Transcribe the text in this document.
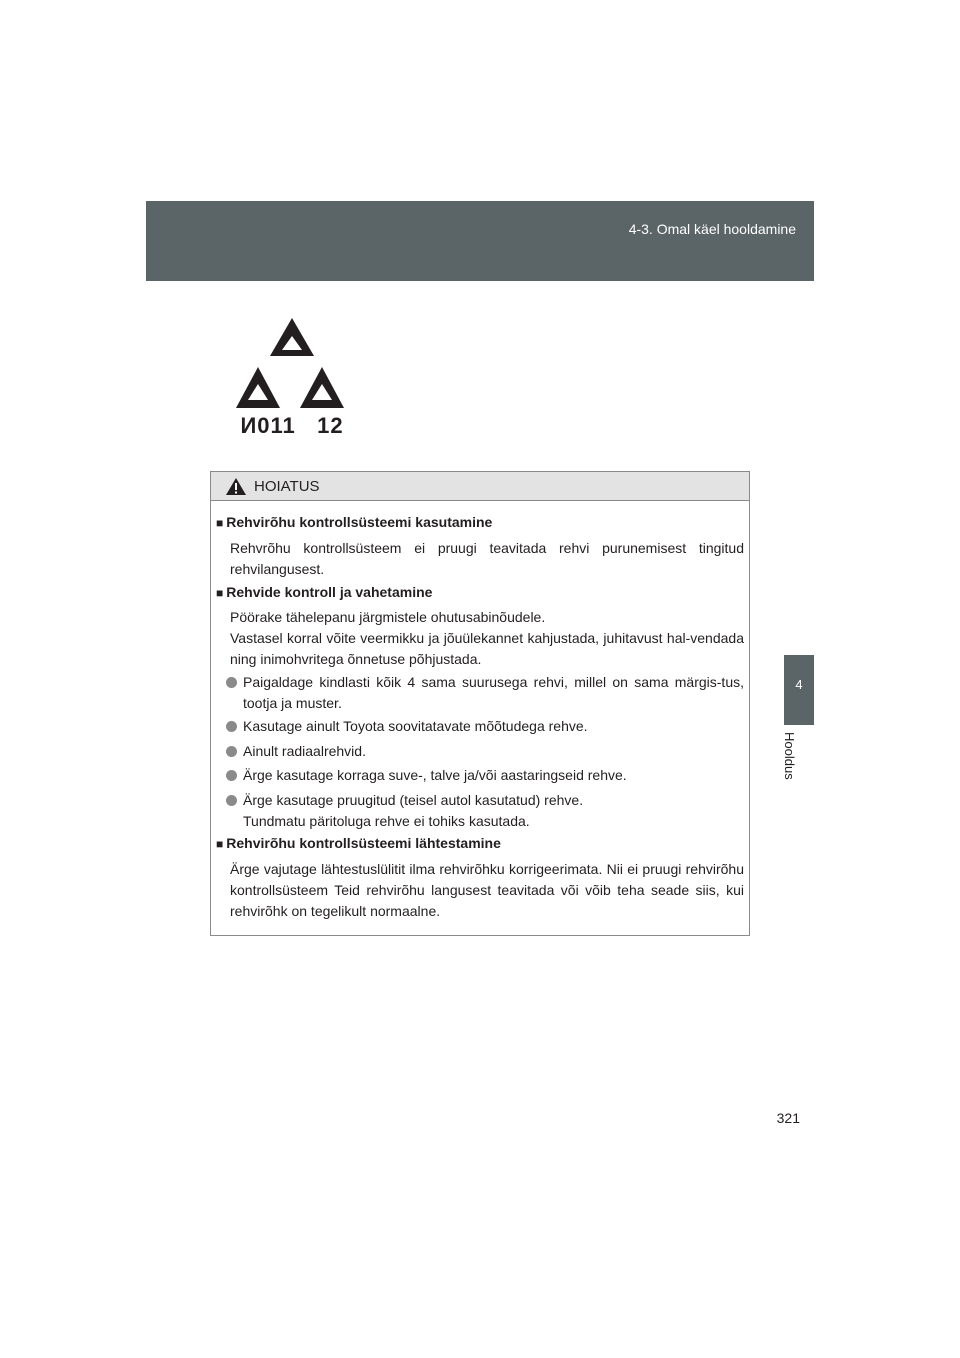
4-3. Omal käel hooldamine
4
Hooldus
И011   12
HOIATUS
■ Rehvirõhu kontrollsüsteemi kasutamine
Rehvrõhu kontrollsüsteem ei pruugi teavitada rehvi purunemisest tingitud rehvilangusest.
■ Rehvide kontroll ja vahetamine
Pöörake tähelepanu järgmistele ohutusabinõudele.
Vastasel korral võite veermikku ja jõuülekannet kahjustada, juhitavust hal-vendada ning inimohvritega õnnetuse põhjustada.
Paigaldage kindlasti kõik 4 sama suurusega rehvi, millel on sama märgis-tus, tootja ja muster.
Kasutage ainult Toyota soovitatavate mõõtudega rehve.
Ainult radiaalrehvid.
Ärge kasutage korraga suve-, talve ja/või aastaringseid rehve.
Ärge kasutage pruugitud (teisel autol kasutatud) rehve.
Tundmatu päritoluga rehve ei tohiks kasutada.
■ Rehvirõhu kontrollsüsteemi lähtestamine
Ärge vajutage lähtestuslülitit ilma rehvirõhku korrigeerimata. Nii ei pruugi rehvirõhu kontrollsüsteem Teid rehvirõhu langusest teavitada või võib teha seade siis, kui rehvirõhk on tegelikult normaalne.
321
